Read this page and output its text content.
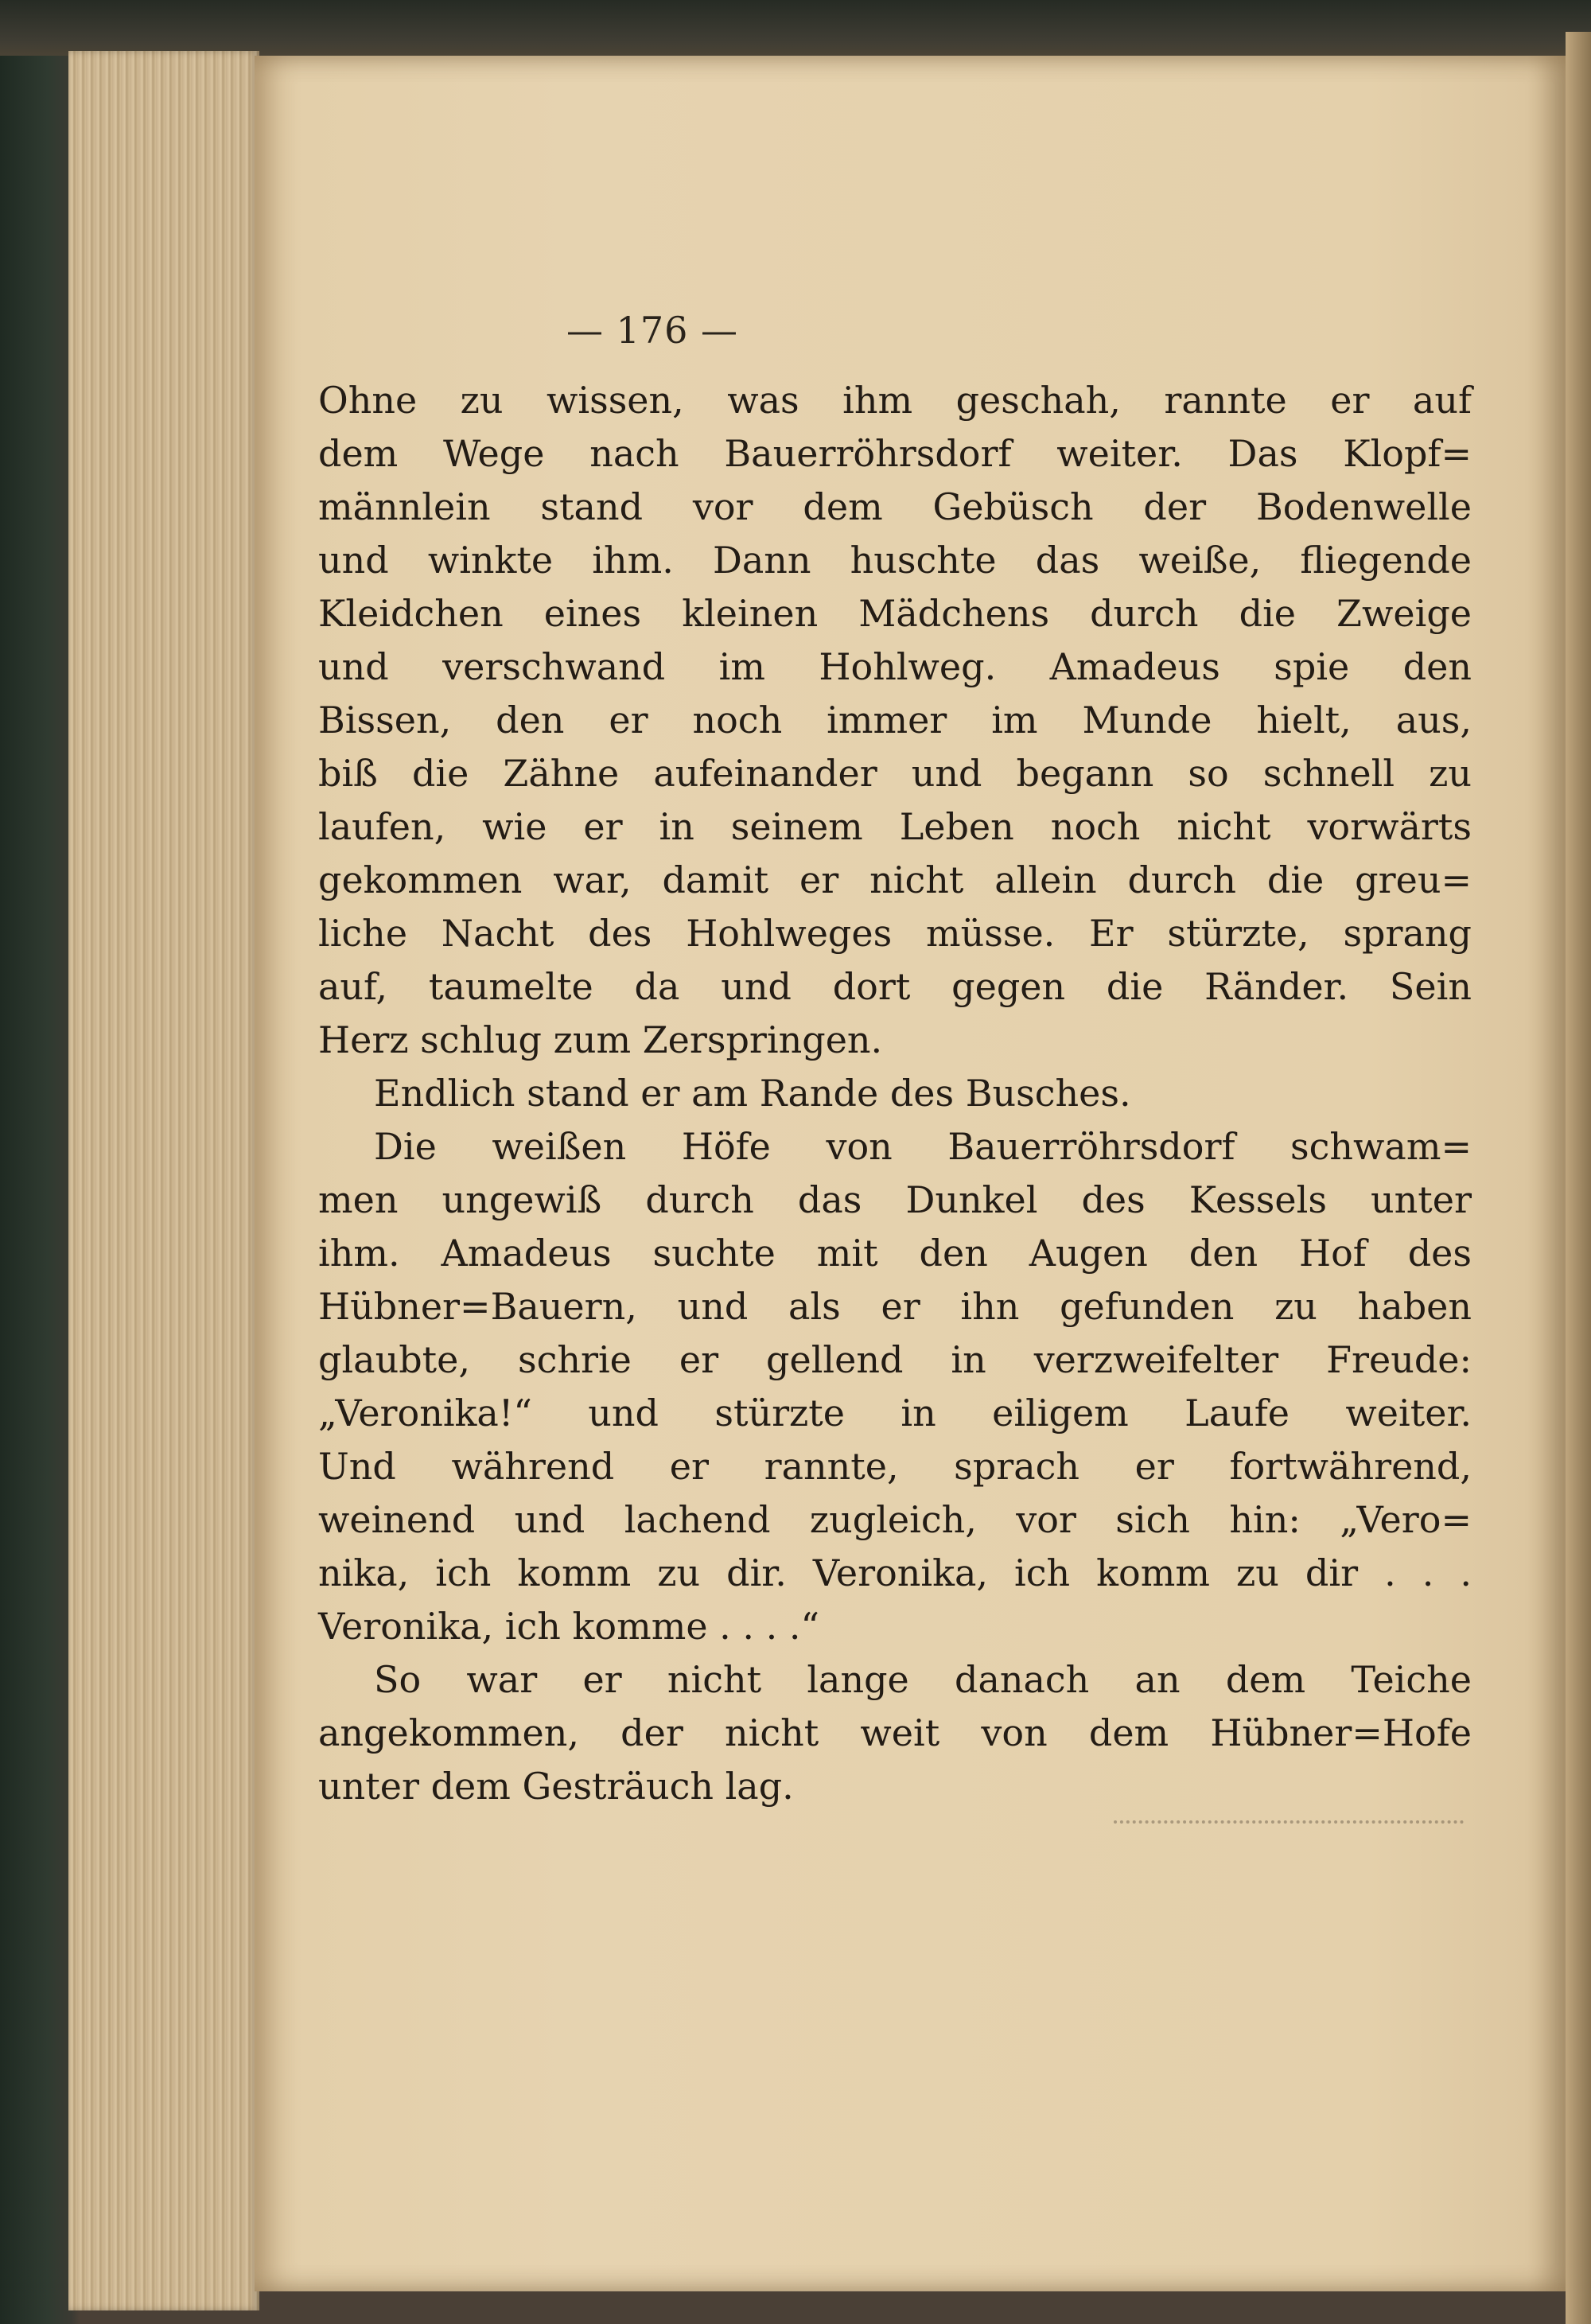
— 176 —
Ohne zu wissen, was ihm geschah, rannte er auf
dem Wege nach Bauerröhrsdorf weiter. Das Klopf=
männlein stand vor dem Gebüsch der Bodenwelle
und winkte ihm. Dann huschte das weiße, fliegende
Kleidchen eines kleinen Mädchens durch die Zweige
und verschwand im Hohlweg. Amadeus spie den
Bissen, den er noch immer im Munde hielt, aus,
biß die Zähne aufeinander und begann so schnell zu
laufen, wie er in seinem Leben noch nicht vorwärts
gekommen war, damit er nicht allein durch die greu=
liche Nacht des Hohlweges müsse. Er stürzte, sprang
auf, taumelte da und dort gegen die Ränder. Sein
Herz schlug zum Zerspringen.
Endlich stand er am Rande des Busches.
Die weißen Höfe von Bauerröhrsdorf schwam=
men ungewiß durch das Dunkel des Kessels unter
ihm. Amadeus suchte mit den Augen den Hof des
Hübner=Bauern, und als er ihn gefunden zu haben
glaubte, schrie er gellend in verzweifelter Freude:
„Veronika!“ und stürzte in eiligem Laufe weiter.
Und während er rannte, sprach er fortwährend,
weinend und lachend zugleich, vor sich hin: „Vero=
nika, ich komm zu dir. Veronika, ich komm zu dir . . .
Veronika, ich komme . . . .“
So war er nicht lange danach an dem Teiche
angekommen, der nicht weit von dem Hübner=Hofe
unter dem Gesträuch lag.
